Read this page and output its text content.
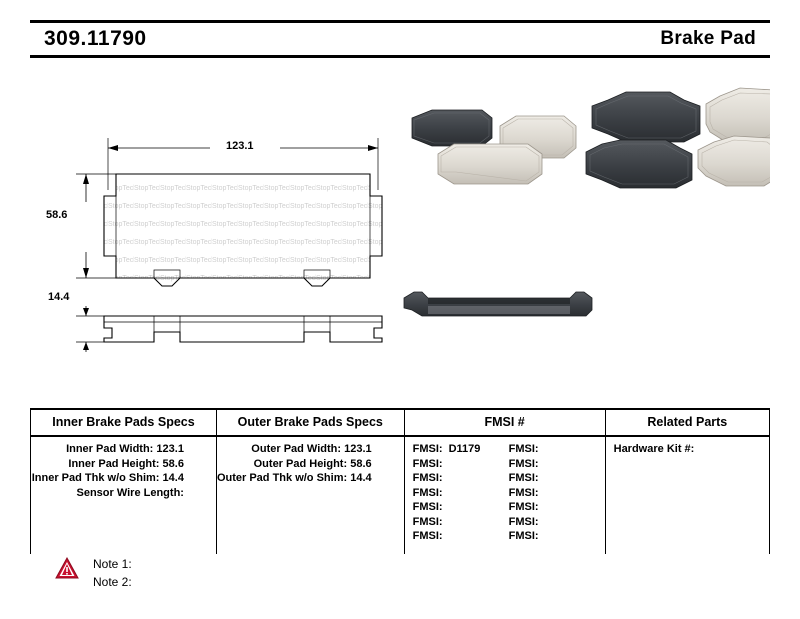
309.11790	Brake Pad
123.1
58.6
14.4
Inner Brake Pads Specs	Outer Brake Pads Specs	FMSI #	Related Parts

Inner Pad Width: 123.1
Inner Pad Height: 58.6
Inner Pad Thk w/o Shim: 14.4
Sensor Wire Length:

Outer Pad Width: 123.1
Outer Pad Height: 58.6
Outer Pad Thk w/o Shim: 14.4

FMSI: D1179
FMSI:
FMSI:
FMSI:
FMSI:
FMSI:
FMSI:
FMSI:
FMSI:
FMSI:
FMSI:
FMSI:
FMSI:
FMSI:

Hardware Kit #:
Note 1:
Note 2:
